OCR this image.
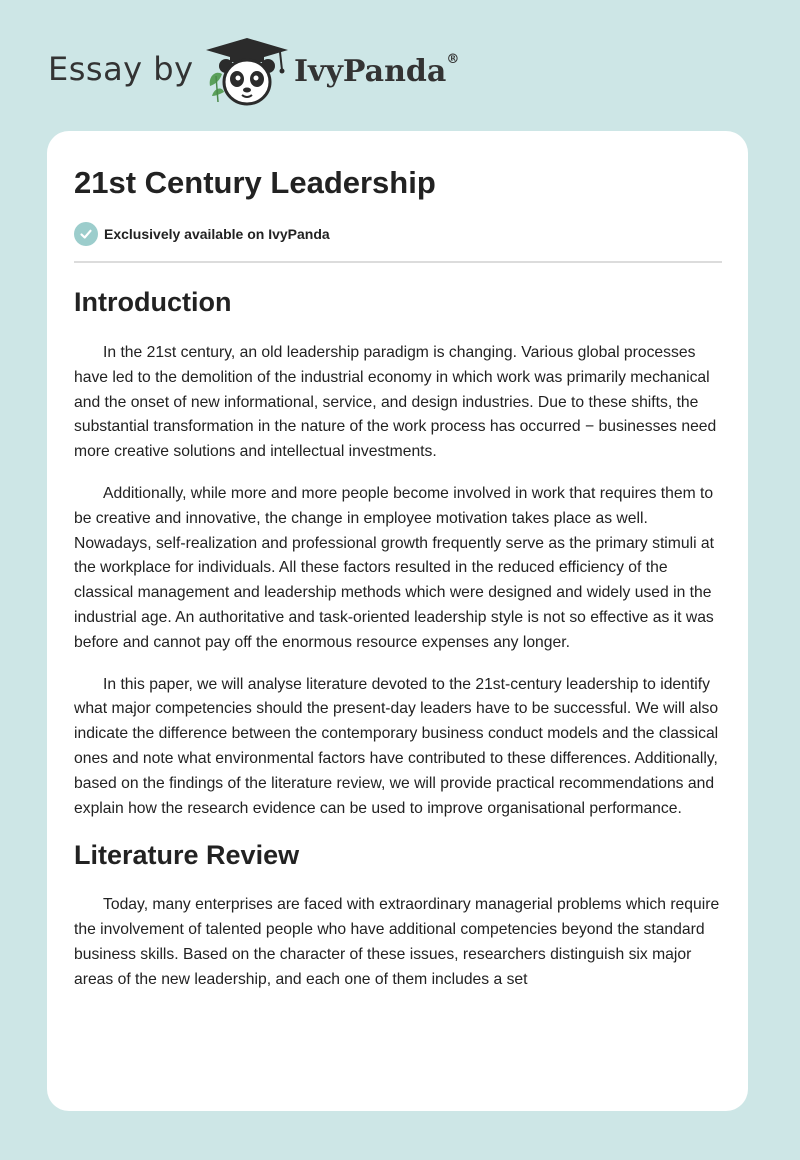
Essay by	IvyPanda®
21st Century Leadership
Exclusively available on IvyPanda
Introduction

In the 21st century, an old leadership paradigm is changing. Various global processes have led to the demolition of the industrial economy in which work was primarily mechanical and the onset of new informational, service, and design industries. Due to these shifts, the substantial transformation in the nature of the work process has occurred − businesses need more creative solutions and intellectual investments.

Additionally, while more and more people become involved in work that requires them to be creative and innovative, the change in employee motivation takes place as well. Nowadays, self-realization and professional growth frequently serve as the primary stimuli at the workplace for individuals. All these factors resulted in the reduced efficiency of the classical management and leadership methods which were designed and widely used in the industrial age. An authoritative and task-oriented leadership style is not so effective as it was before and cannot pay off the enormous resource expenses any longer.

In this paper, we will analyse literature devoted to the 21st-century leadership to identify what major competencies should the present-day leaders have to be successful. We will also indicate the difference between the contemporary business conduct models and the classical ones and note what environmental factors have contributed to these differences. Additionally, based on the findings of the literature review, we will provide practical recommendations and explain how the research evidence can be used to improve organisational performance.

Literature Review

Today, many enterprises are faced with extraordinary managerial problems which require the involvement of talented people who have additional competencies beyond the standard business skills. Based on the character of these issues, researchers distinguish six major areas of the new leadership, and each one of them includes a set
